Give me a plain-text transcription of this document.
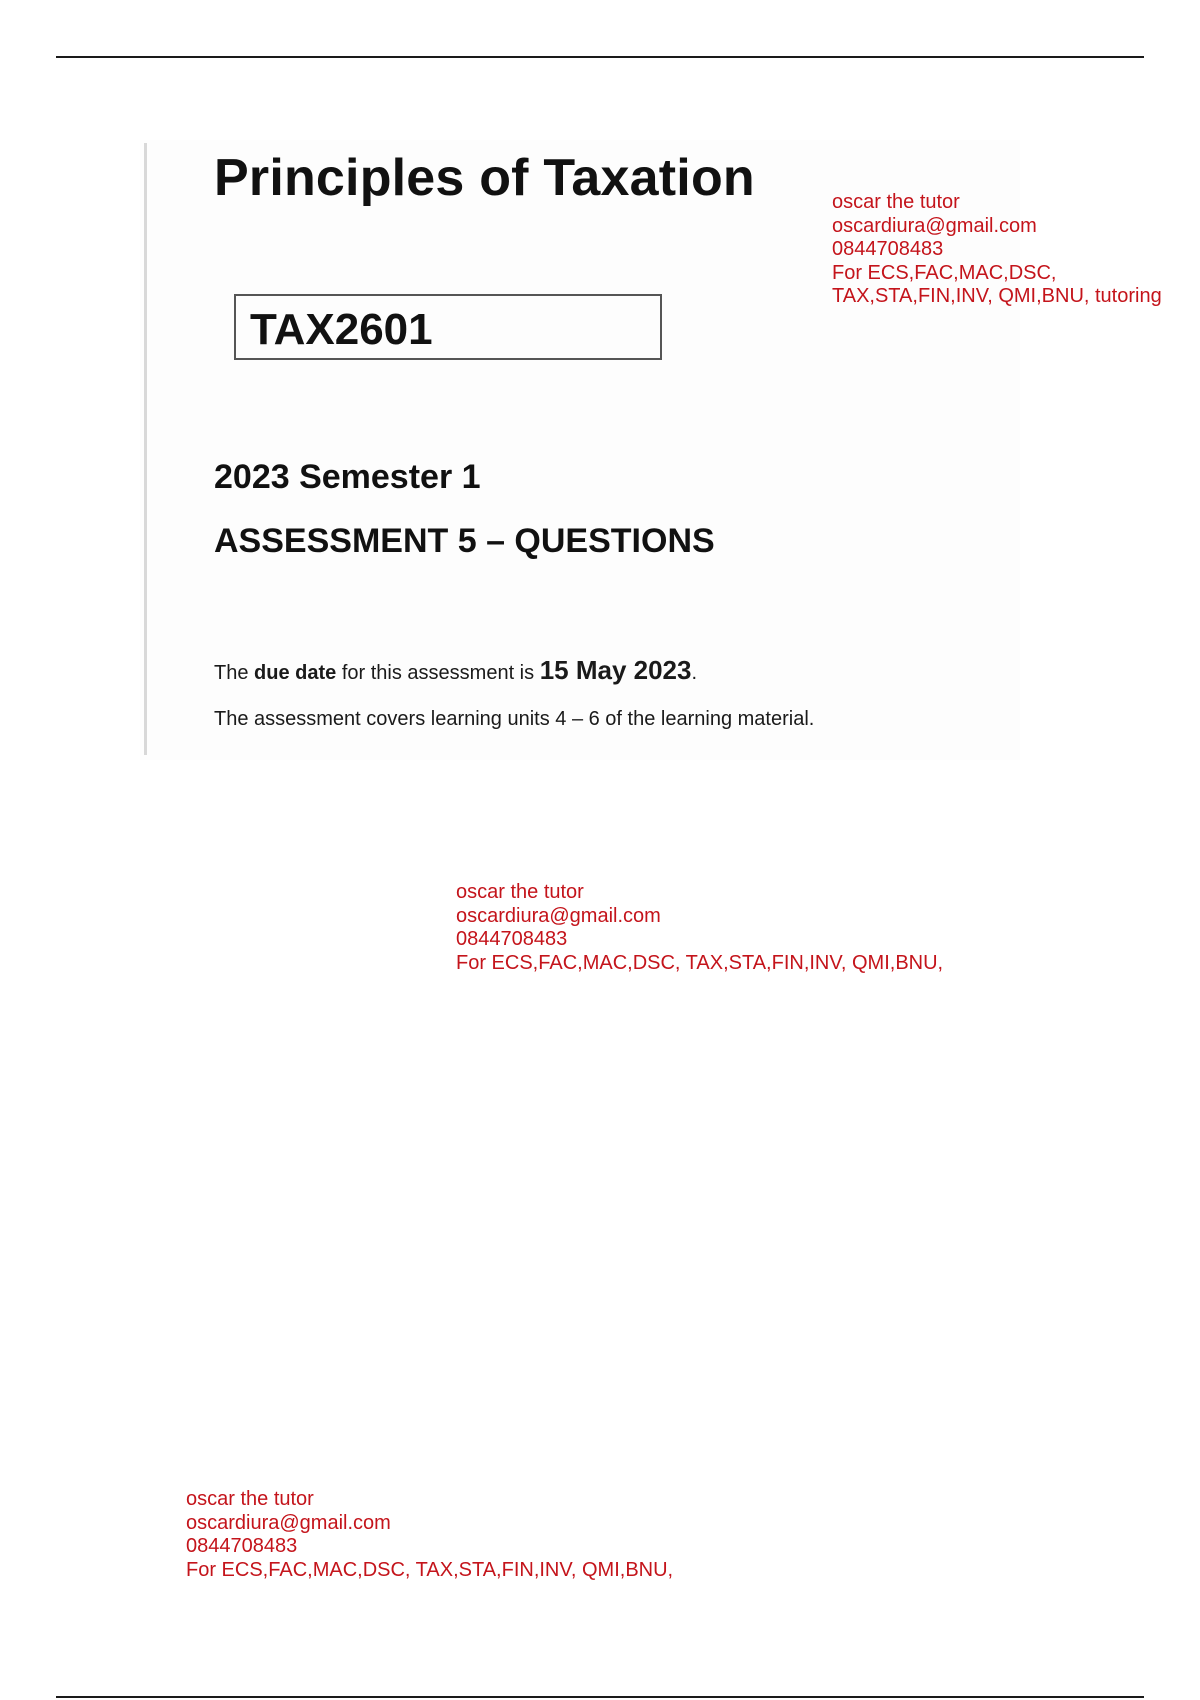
Principles of Taxation
TAX2601
2023 Semester 1
ASSESSMENT 5 – QUESTIONS
The due date for this assessment is 15 May 2023.
The assessment covers learning units 4 – 6 of the learning material.
oscar the tutor
oscardiura@gmail.com
0844708483
For ECS,FAC,MAC,DSC,
TAX,STA,FIN,INV, QMI,BNU, tutoring
oscar the tutor
oscardiura@gmail.com
0844708483
For ECS,FAC,MAC,DSC, TAX,STA,FIN,INV, QMI,BNU,
oscar the tutor
oscardiura@gmail.com
0844708483
For ECS,FAC,MAC,DSC, TAX,STA,FIN,INV, QMI,BNU,
